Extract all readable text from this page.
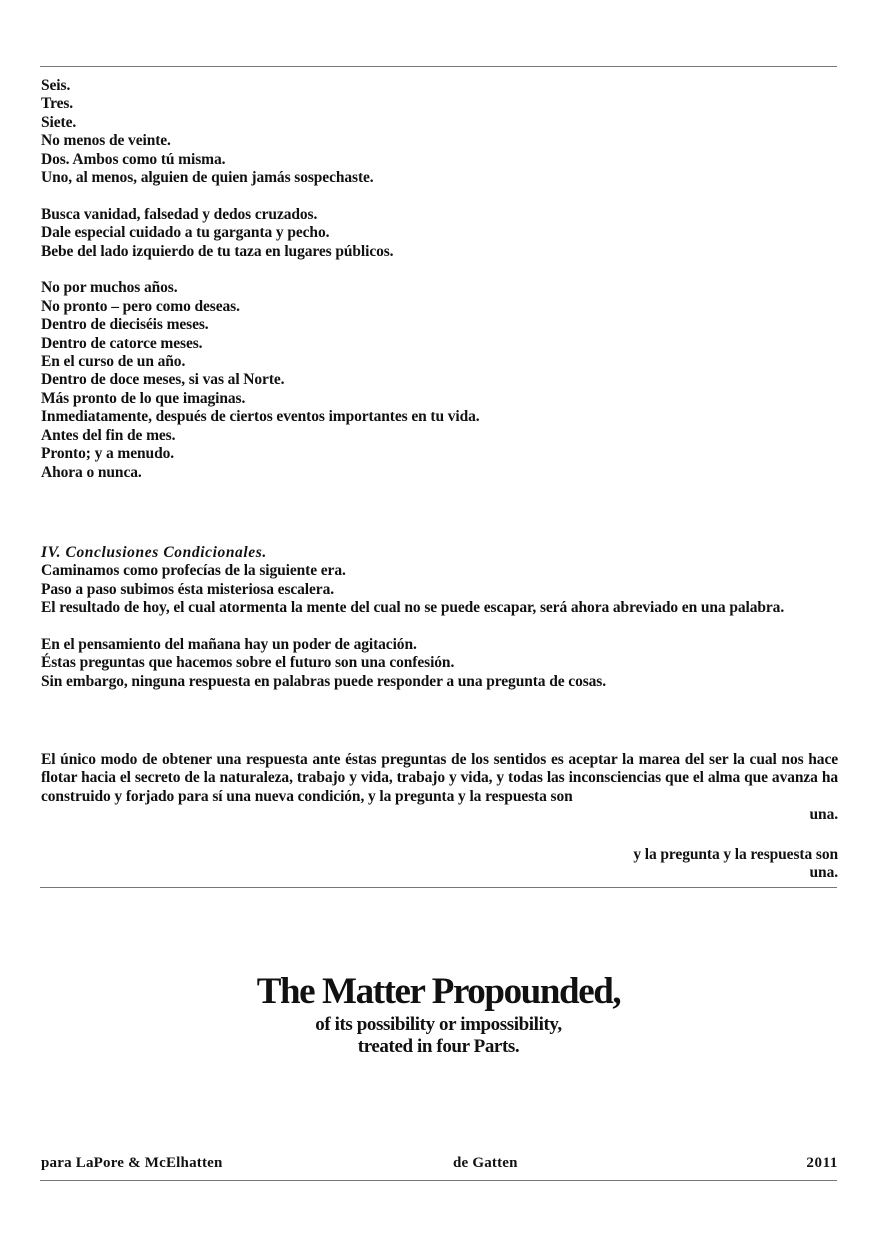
Seis.
Tres.
Siete.
No menos de veinte.
Dos. Ambos como tú misma.
Uno, al menos, alguien de quien jamás sospechaste.
Busca vanidad, falsedad y dedos cruzados.
Dale especial cuidado a tu garganta y pecho.
Bebe del lado izquierdo de tu taza en lugares públicos.
No por muchos años.
No pronto – pero como deseas.
Dentro de dieciséis meses.
Dentro de catorce meses.
En el curso de un año.
Dentro de doce meses, si vas al Norte.
Más pronto de lo que imaginas.
Inmediatamente, después de ciertos eventos importantes en tu vida.
Antes del fin de mes.
Pronto; y a menudo.
Ahora o nunca.
IV. Conclusiones Condicionales.
Caminamos como profecías de la siguiente era.
Paso a paso subimos ésta misteriosa escalera.
El resultado de hoy, el cual atormenta la mente del cual no se puede escapar, será ahora abreviado en una palabra.
En el pensamiento del mañana hay un poder de agitación.
Éstas preguntas que hacemos sobre el futuro son una confesión.
Sin embargo, ninguna respuesta en palabras puede responder a una pregunta de cosas.
El único modo de obtener una respuesta ante éstas preguntas de los sentidos es aceptar la marea del ser la cual nos hace flotar hacia el secreto de la naturaleza, trabajo y vida, trabajo y vida, y todas las inconsciencias que el alma que avanza ha construido y forjado para sí una nueva condición, y la pregunta y la respuesta son
una.
y la pregunta y la respuesta son
una.
The Matter Propounded,
of its possibility or impossibility,
treated in four Parts.
para LaPore & McElhatten	de Gatten	2011
